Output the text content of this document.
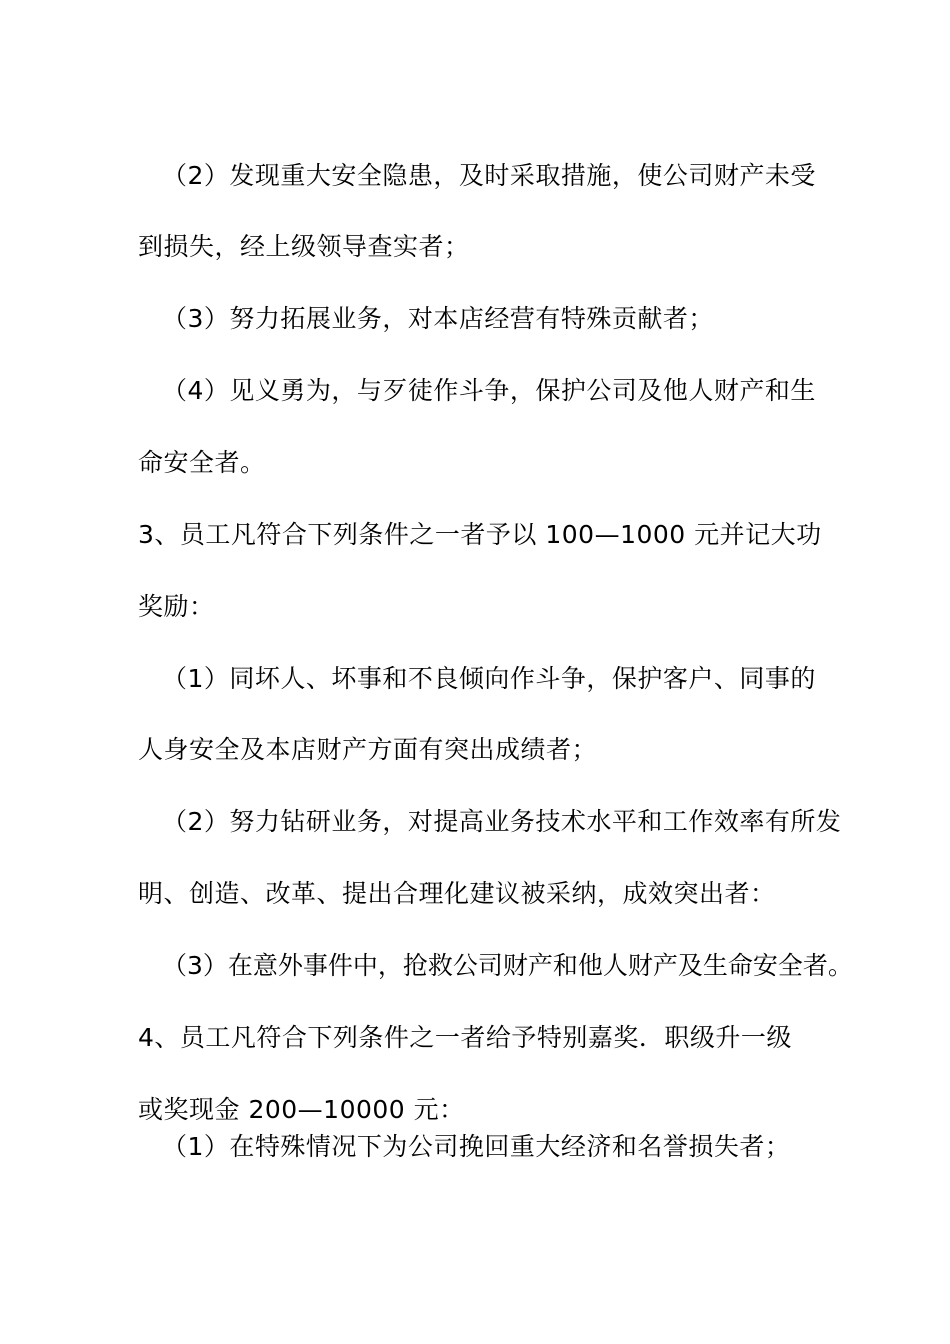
（2）发现重大安全隐患，及时采取措施，使公司财产未受
到损失，经上级领导查实者；
（3）努力拓展业务，对本店经营有特殊贡献者；
（4）见义勇为，与歹徒作斗争，保护公司及他人财产和生
命安全者。
3、员工凡符合下列条件之一者予以 100—1000 元并记大功
奖励：
（1）同坏人、坏事和不良倾向作斗争，保护客户、同事的
人身安全及本店财产方面有突出成绩者；
（2）努力钻研业务，对提高业务技术水平和工作效率有所发
明、创造、改革、提出合理化建议被采纳，成效突出者：
（3）在意外事件中，抢救公司财产和他人财产及生命安全者。
4、员工凡符合下列条件之一者给予特别嘉奖．职级升一级
或奖现金 200—10000 元：
（1）在特殊情况下为公司挽回重大经济和名誉损失者；
